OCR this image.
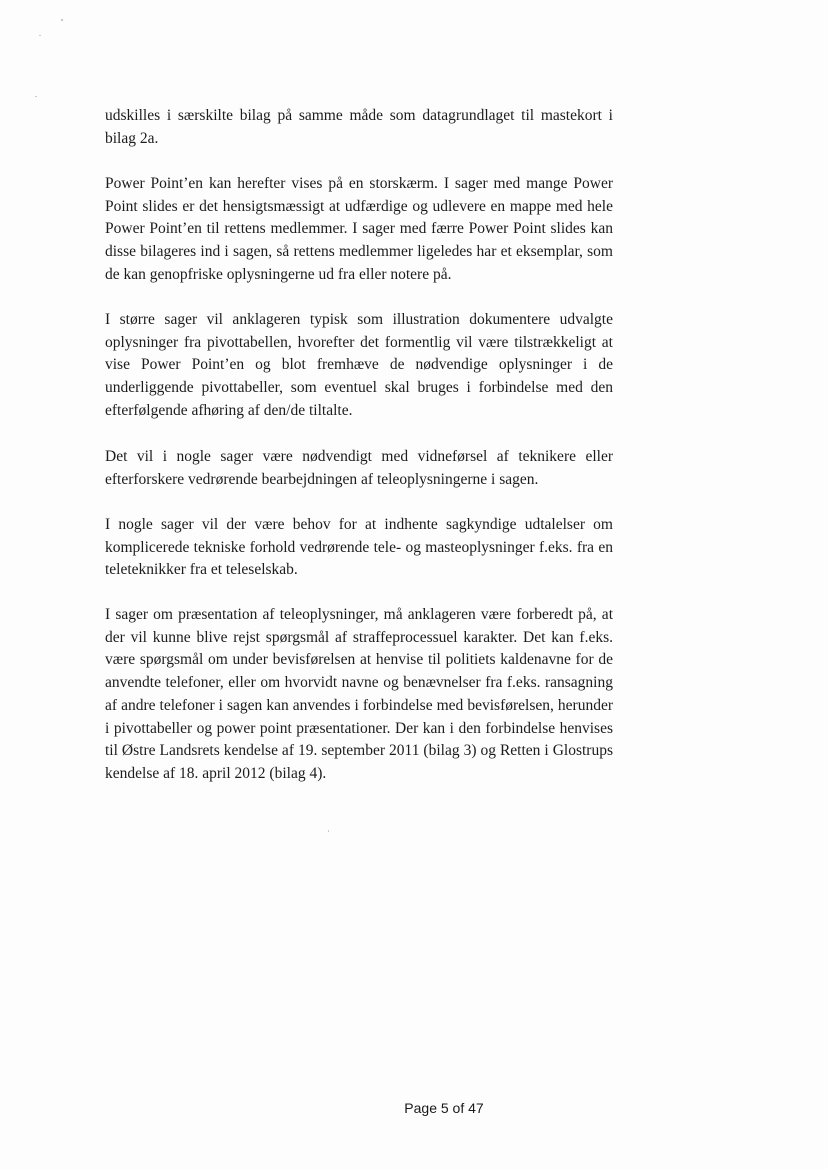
udskilles i særskilte bilag på samme måde som datagrundlaget til mastekort i bilag 2a.

Power Point’en kan herefter vises på en storskærm. I sager med mange Power Point slides er det hensigtsmæssigt at udfærdige og udlevere en mappe med hele Power Point’en til rettens medlemmer. I sager med færre Power Point slides kan disse bilageres ind i sagen, så rettens medlemmer ligeledes har et eksemplar, som de kan genopfriske oplysningerne ud fra eller notere på.

I større sager vil anklageren typisk som illustration dokumentere udvalgte oplysninger fra pivottabellen, hvorefter det formentlig vil være tilstrækkeligt at vise Power Point’en og blot fremhæve de nødvendige oplysninger i de underliggende pivottabeller, som eventuel skal bruges i forbindelse med den efterfølgende afhøring af den/de tiltalte.

Det vil i nogle sager være nødvendigt med vidneførsel af teknikere eller efterforskere vedrørende bearbejdningen af teleoplysningerne i sagen.

I nogle sager vil der være behov for at indhente sagkyndige udtalelser om komplicerede tekniske forhold vedrørende tele- og masteoplysninger f.eks. fra en teleteknikker fra et teleselskab.

I sager om præsentation af teleoplysninger, må anklageren være forberedt på, at der vil kunne blive rejst spørgsmål af straffeprocessuel karakter. Det kan f.eks. være spørgsmål om under bevisførelsen at henvise til politiets kaldenavne for de anvendte telefoner, eller om hvorvidt navne og benævnelser fra f.eks. ransagning af andre telefoner i sagen kan anvendes i forbindelse med bevisførelsen, herunder i pivottabeller og power point præsentationer. Der kan i den forbindelse henvises til Østre Landsrets kendelse af 19. september 2011 (bilag 3) og Retten i Glostrups kendelse af 18. april 2012 (bilag 4).

Page 5 of 47
